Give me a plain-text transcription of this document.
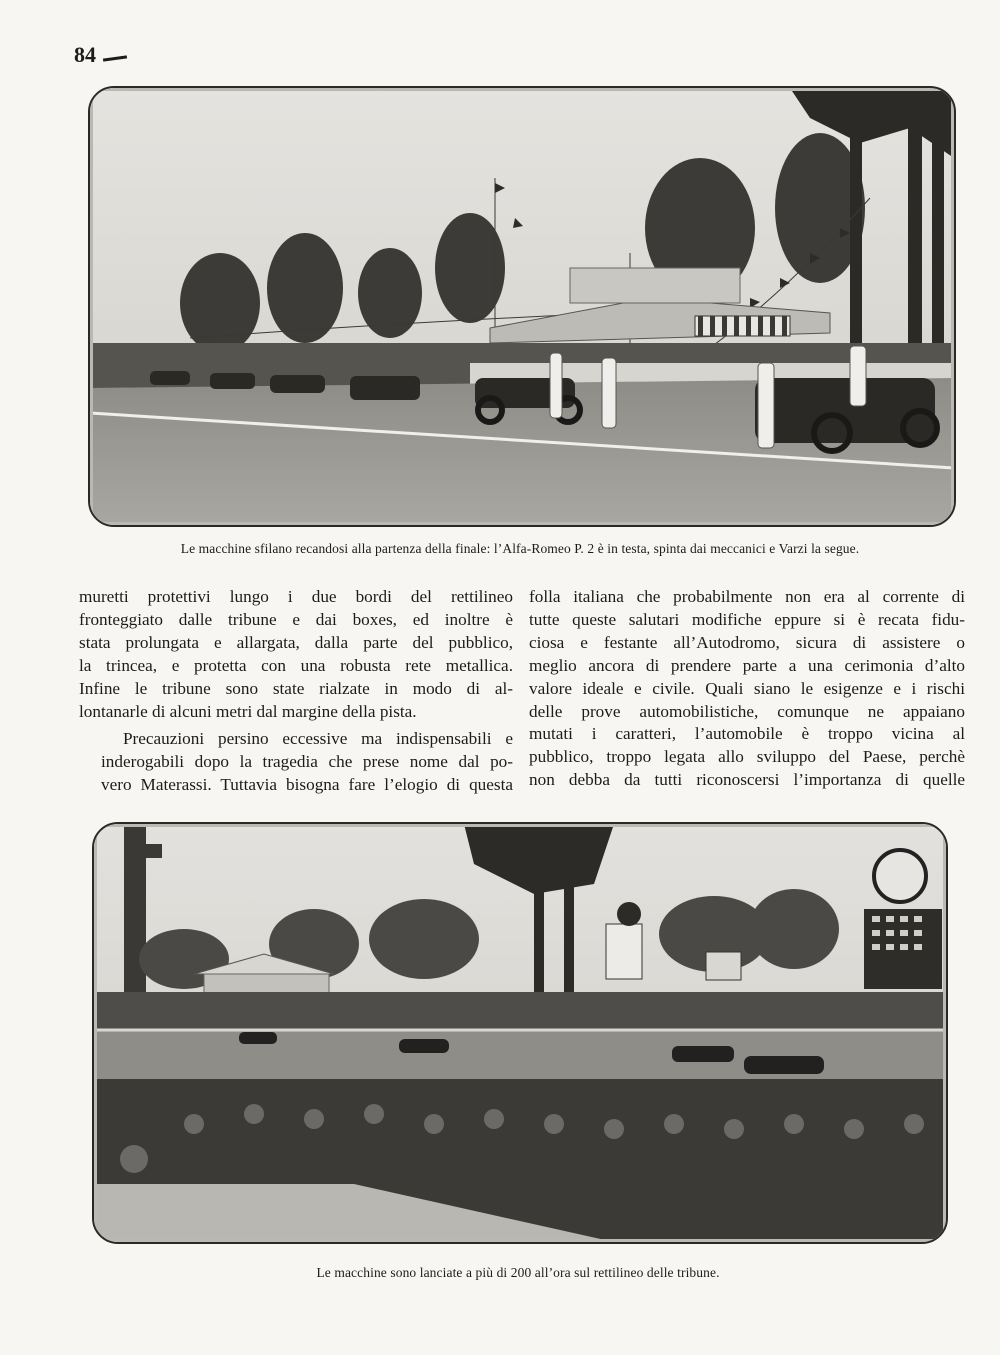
84
Le macchine sfilano recandosi alla partenza della finale: l’Alfa-Romeo P. 2 è in testa, spinta dai meccanici e Varzi la segue.

muretti protettivi lungo i due bordi del rettilineo
fronteggiato dalle tribune e dai boxes, ed inoltre è
stata prolungata e allargata, dalla parte del pubblico,
la trincea, e protetta con una robusta rete metallica.
Infine le tribune sono state rialzate in modo di al-
lontanarle di alcuni metri dal margine della pista.

Precauzioni persino eccessive ma indispensabili e
inderogabili dopo la tragedia che prese nome dal po-
vero Materassi. Tuttavia bisogna fare l’elogio di questa

folla italiana che probabilmente non era al corrente di
tutte queste salutari modifiche eppure si è recata fidu-
ciosa e festante all’Autodromo, sicura di assistere o
meglio ancora di prendere parte a una cerimonia d’alto
valore ideale e civile. Quali siano le esigenze e i rischi
delle prove automobilistiche, comunque ne appaiano
mutati i caratteri, l’automobile è troppo vicina al
pubblico, troppo legata allo sviluppo del Paese, perchè
non debba da tutti riconoscersi l’importanza di quelle

Le macchine sono lanciate a più di 200 all’ora sul rettilineo delle tribune.
